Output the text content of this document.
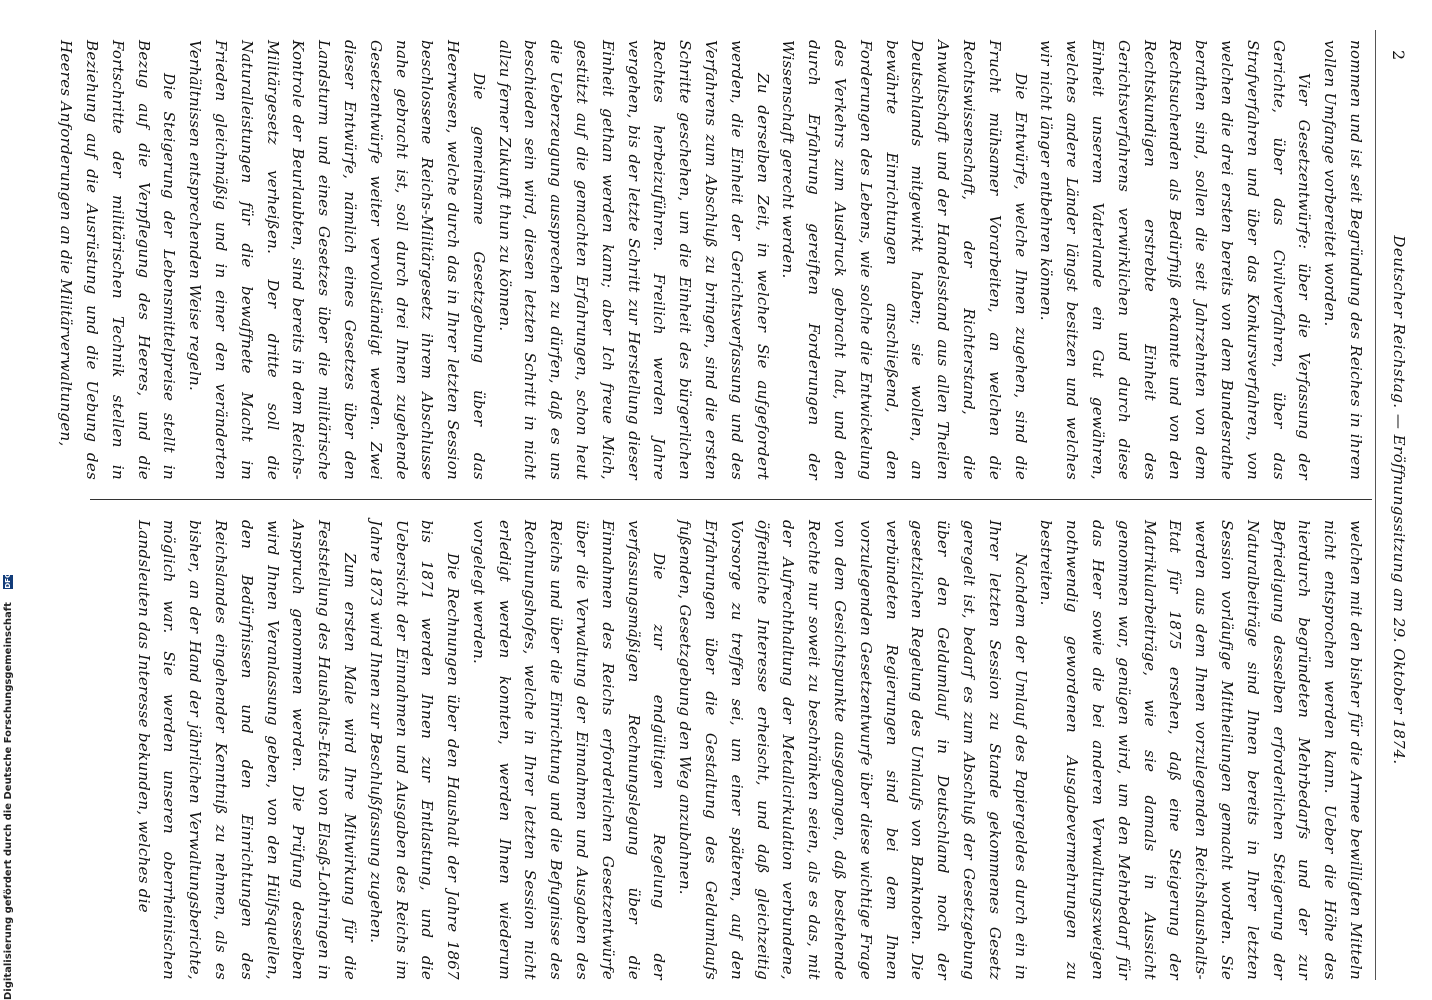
Digitalisierung gefördert durch die Deutsche Forschungsgemeinschaft DFG
2
Deutscher Reichstag. — Eröffnungssitzung am 29. Oktober 1874.

nommen und ist seit Begründung des Reiches in ihrem vollen Umfange vorbereitet worden.

Vier Gesetzentwürfe: über die Verfassung der Gerichte, über das Civilverfahren, über das Strafverfahren und über das Konkursverfahren, von welchen die drei ersten bereits von dem Bundesrathe berathen sind, sollen die seit Jahrzehnten von dem Rechtsuchenden als Bedürfniß erkannte und von den Rechtskundigen erstrebte Einheit des Gerichtsverfahrens verwirklichen und durch diese Einheit unserem Vaterlande ein Gut gewähren, welches andere Länder längst besitzen und welches wir nicht länger entbehren können.

Die Entwürfe, welche Ihnen zugehen, sind die Frucht mühsamer Vorarbeiten, an welchen die Rechtswissenschaft, der Richterstand, die Anwaltschaft und der Handelsstand aus allen Theilen Deutschlands mitgewirkt haben; sie wollen, an bewährte Einrichtungen anschließend, den Forderungen des Lebens, wie solche die Entwickelung des Verkehrs zum Ausdruck gebracht hat, und den durch Erfahrung gereiften Forderungen der Wissenschaft gerecht werden.

Zu derselben Zeit, in welcher Sie aufgefordert werden, die Einheit der Gerichtsverfassung und des Verfahrens zum Abschluß zu bringen, sind die ersten Schritte geschehen, um die Einheit des bürgerlichen Rechtes herbeizuführen. Freilich werden Jahre vergehen, bis der letzte Schritt zur Herstellung dieser Einheit gethan werden kann; aber Ich freue Mich, gestützt auf die gemachten Erfahrungen, schon heut die Ueberzeugung aussprechen zu dürfen, daß es uns beschieden sein wird, diesen letzten Schritt in nicht allzu ferner Zukunft thun zu können.

Die gemeinsame Gesetzgebung über das Heerwesen, welche durch das in Ihrer letzten Session beschlossene Reichs-Militärgesetz ihrem Abschlusse nahe gebracht ist, soll durch drei Ihnen zugehende Gesetzentwürfe weiter vervollständigt werden. Zwei dieser Entwürfe, nämlich eines Gesetzes über den Landsturm und eines Gesetzes über die militärische Kontrole der Beurlaubten, sind bereits in dem Reichs-Militärgesetz verheißen. Der dritte soll die Naturalleistungen für die bewaffnete Macht im Frieden gleichmäßig und in einer den veränderten Verhältnissen entsprechenden Weise regeln.

Die Steigerung der Lebensmittelpreise stellt in Bezug auf die Verpflegung des Heeres, und die Fortschritte der militärischen Technik stellen in Beziehung auf die Ausrüstung und die Uebung des Heeres Anforderungen an die Militärverwaltungen,

welchen mit den bisher für die Armee bewilligten Mitteln nicht entsprochen werden kann. Ueber die Höhe des hierdurch begründeten Mehrbedarfs und der zur Befriedigung desselben erforderlichen Steigerung der Naturalbeiträge sind Ihnen bereits in Ihrer letzten Session vorläufige Mittheilungen gemacht worden. Sie werden aus dem Ihnen vorzulegenden Reichshaushalts-Etat für 1875 ersehen, daß eine Steigerung der Matrikularbeiträge, wie sie damals in Aussicht genommen war, genügen wird, um den Mehrbedarf für das Heer sowie die bei anderen Verwaltungszweigen nothwendig gewordenen Ausgabevermehrungen zu bestreiten.

Nachdem der Umlauf des Papiergeldes durch ein in Ihrer letzten Session zu Stande gekommenes Gesetz geregelt ist, bedarf es zum Abschluß der Gesetzgebung über den Geldumlauf in Deutschland noch der gesetzlichen Regelung des Umlaufs von Banknoten. Die verbündeten Regierungen sind bei dem Ihnen vorzulegenden Gesetzentwurfe über diese wichtige Frage von dem Gesichtspunkte ausgegangen, daß bestehende Rechte nur soweit zu beschränken seien, als es das, mit der Aufrechthaltung der Metallcirkulation verbundene, öffentliche Interesse erheischt, und daß gleichzeitig Vorsorge zu treffen sei, um einer späteren, auf den Erfahrungen über die Gestaltung des Geldumlaufs fußenden, Gesetzgebung den Weg anzubahnen.

Die zur endgültigen Regelung der verfassungsmäßigen Rechnungslegung über die Einnahmen des Reichs erforderlichen Gesetzentwürfe über die Verwaltung der Einnahmen und Ausgaben des Reichs und über die Einrichtung und die Befugnisse des Rechnungshofes, welche in Ihrer letzten Session nicht erledigt werden konnten, werden Ihnen wiederum vorgelegt werden.

Die Rechnungen über den Haushalt der Jahre 1867 bis 1871 werden Ihnen zur Entlastung, und die Uebersicht der Einnahmen und Ausgaben des Reichs im Jahre 1873 wird Ihnen zur Beschlußfassung zugehen.

Zum ersten Male wird Ihre Mitwirkung für die Feststellung des Haushalts-Etats von Elsaß-Lothringen in Anspruch genommen werden. Die Prüfung desselben wird Ihnen Veranlassung geben, von den Hülfsquellen, den Bedürfnissen und den Einrichtungen des Reichslandes eingehender Kenntniß zu nehmen, als es bisher, an der Hand der jährlichen Verwaltungsberichte, möglich war. Sie werden unseren oberrheinischen Landsleuten das Interesse bekunden, welches die
